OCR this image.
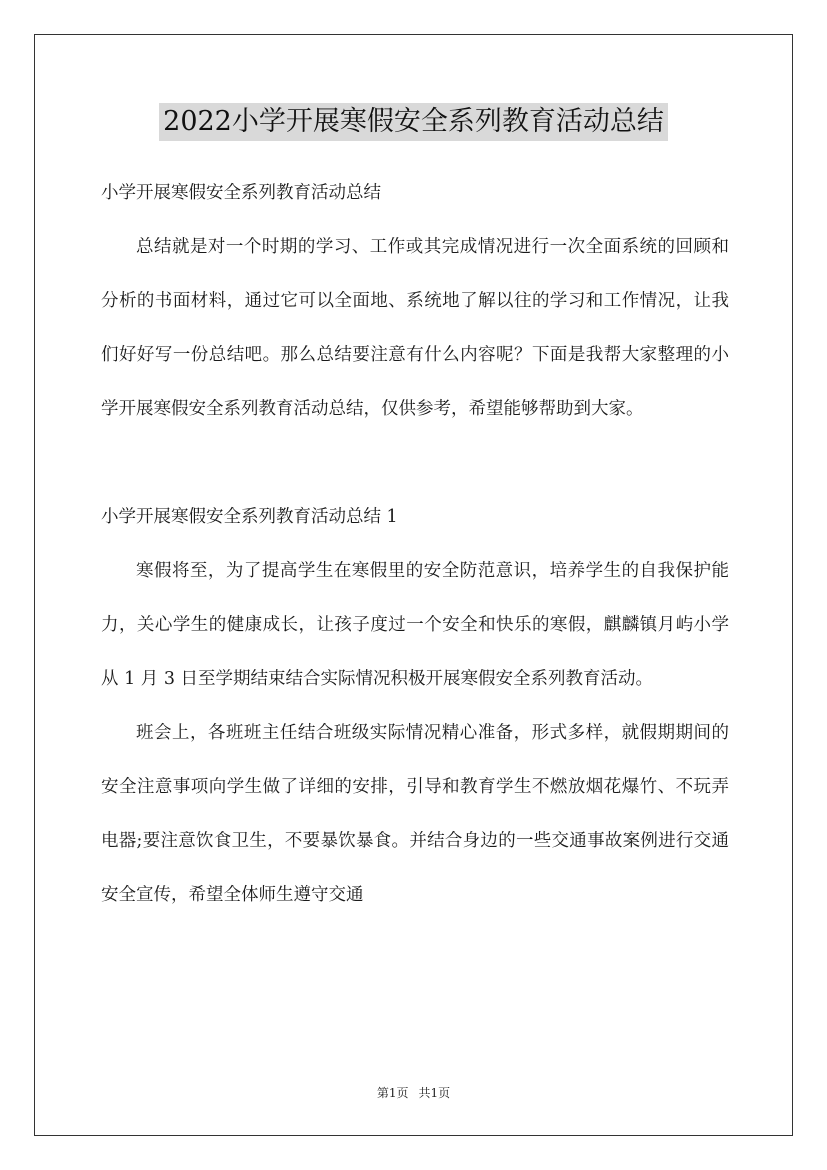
2022小学开展寒假安全系列教育活动总结

小学开展寒假安全系列教育活动总结

总结就是对一个时期的学习、工作或其完成情况进行一次全面系统的回顾和分析的书面材料，通过它可以全面地、系统地了解以往的学习和工作情况，让我们好好写一份总结吧。那么总结要注意有什么内容呢？下面是我帮大家整理的小学开展寒假安全系列教育活动总结，仅供参考，希望能够帮助到大家。

小学开展寒假安全系列教育活动总结 1

寒假将至，为了提高学生在寒假里的安全防范意识，培养学生的自我保护能力，关心学生的健康成长，让孩子度过一个安全和快乐的寒假，麒麟镇月屿小学从 1 月 3 日至学期结束结合实际情况积极开展寒假安全系列教育活动。

班会上，各班班主任结合班级实际情况精心准备，形式多样，就假期期间的安全注意事项向学生做了详细的安排，引导和教育学生不燃放烟花爆竹、不玩弄电器;要注意饮食卫生，不要暴饮暴食。并结合身边的一些交通事故案例进行交通安全宣传，希望全体师生遵守交通

第1页 共1页
